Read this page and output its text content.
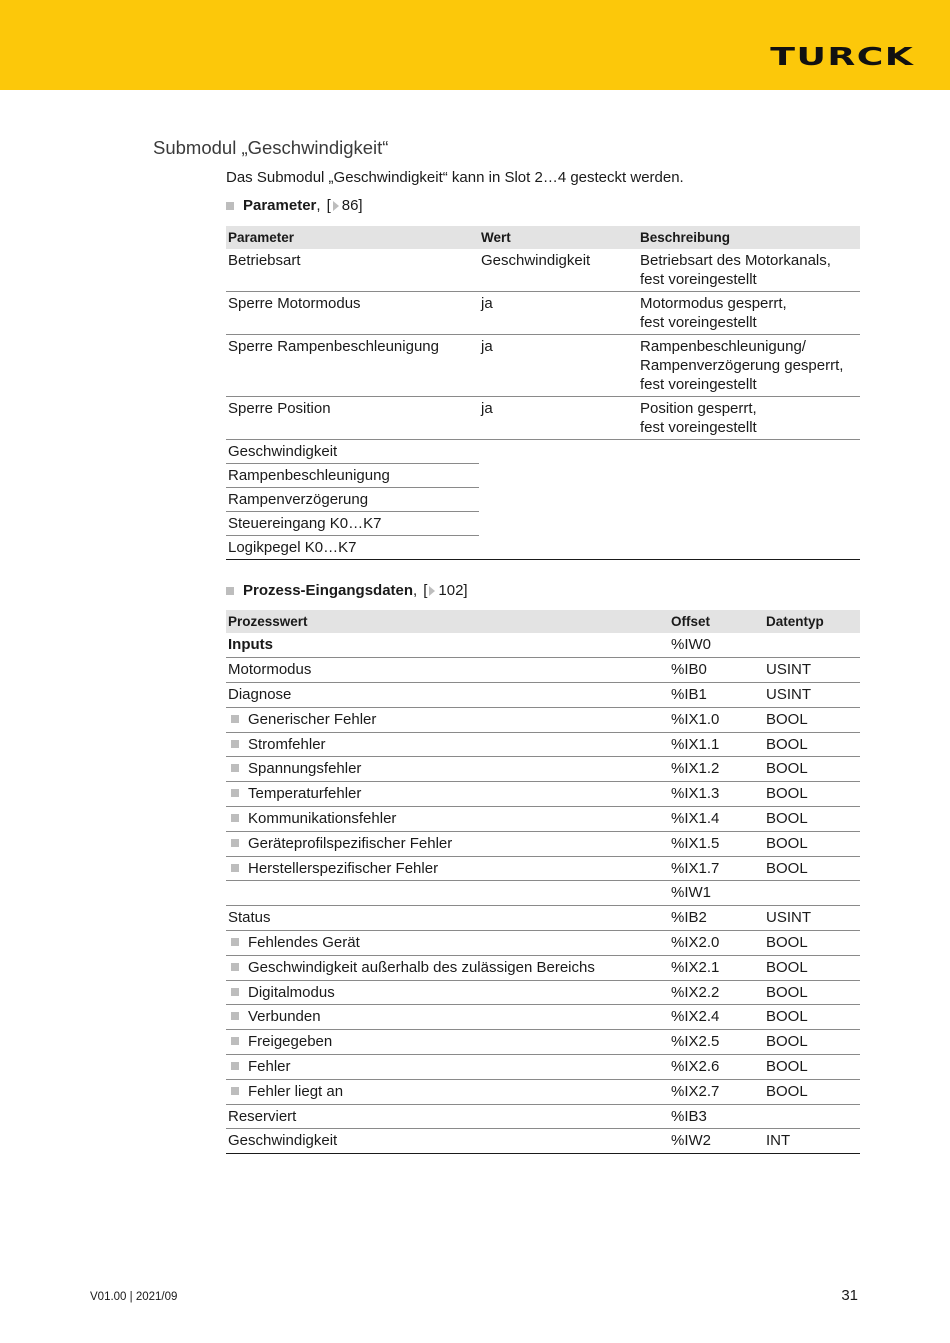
TURCK
Submodul „Geschwindigkeit“
Das Submodul „Geschwindigkeit“ kann in Slot 2…4 gesteckt werden.
Parameter , [ 86]
Parameter	Wert	Beschreibung
Betriebsart	Geschwindigkeit	Betriebsart des Motorkanals,
fest voreingestellt
Sperre Motormodus	ja	Motormodus gesperrt,
fest voreingestellt
Sperre Rampenbeschleunigung	ja	Rampenbeschleunigung/
Rampenverzögerung gesperrt,
fest voreingestellt
Sperre Position	ja	Position gesperrt,
fest voreingestellt
Geschwindigkeit		
Rampenbeschleunigung		
Rampenverzögerung		
Steuereingang K0…K7		
Logikpegel K0…K7		
Prozess-Eingangsdaten , [ 102]
Prozesswert	Offset	Datentyp
Inputs	%IW0	
Motormodus	%IB0	USINT
Diagnose	%IB1	USINT
Generischer Fehler	%IX1.0	BOOL
Stromfehler	%IX1.1	BOOL
Spannungsfehler	%IX1.2	BOOL
Temperaturfehler	%IX1.3	BOOL
Kommunikationsfehler	%IX1.4	BOOL
Geräteprofilspezifischer Fehler	%IX1.5	BOOL
Herstellerspezifischer Fehler	%IX1.7	BOOL
	%IW1	
Status	%IB2	USINT
Fehlendes Gerät	%IX2.0	BOOL
Geschwindigkeit außerhalb des zulässigen Bereichs	%IX2.1	BOOL
Digitalmodus	%IX2.2	BOOL
Verbunden	%IX2.4	BOOL
Freigegeben	%IX2.5	BOOL
Fehler	%IX2.6	BOOL
Fehler liegt an	%IX2.7	BOOL
Reserviert	%IB3	
Geschwindigkeit	%IW2	INT
V01.00 | 2021/09	31
